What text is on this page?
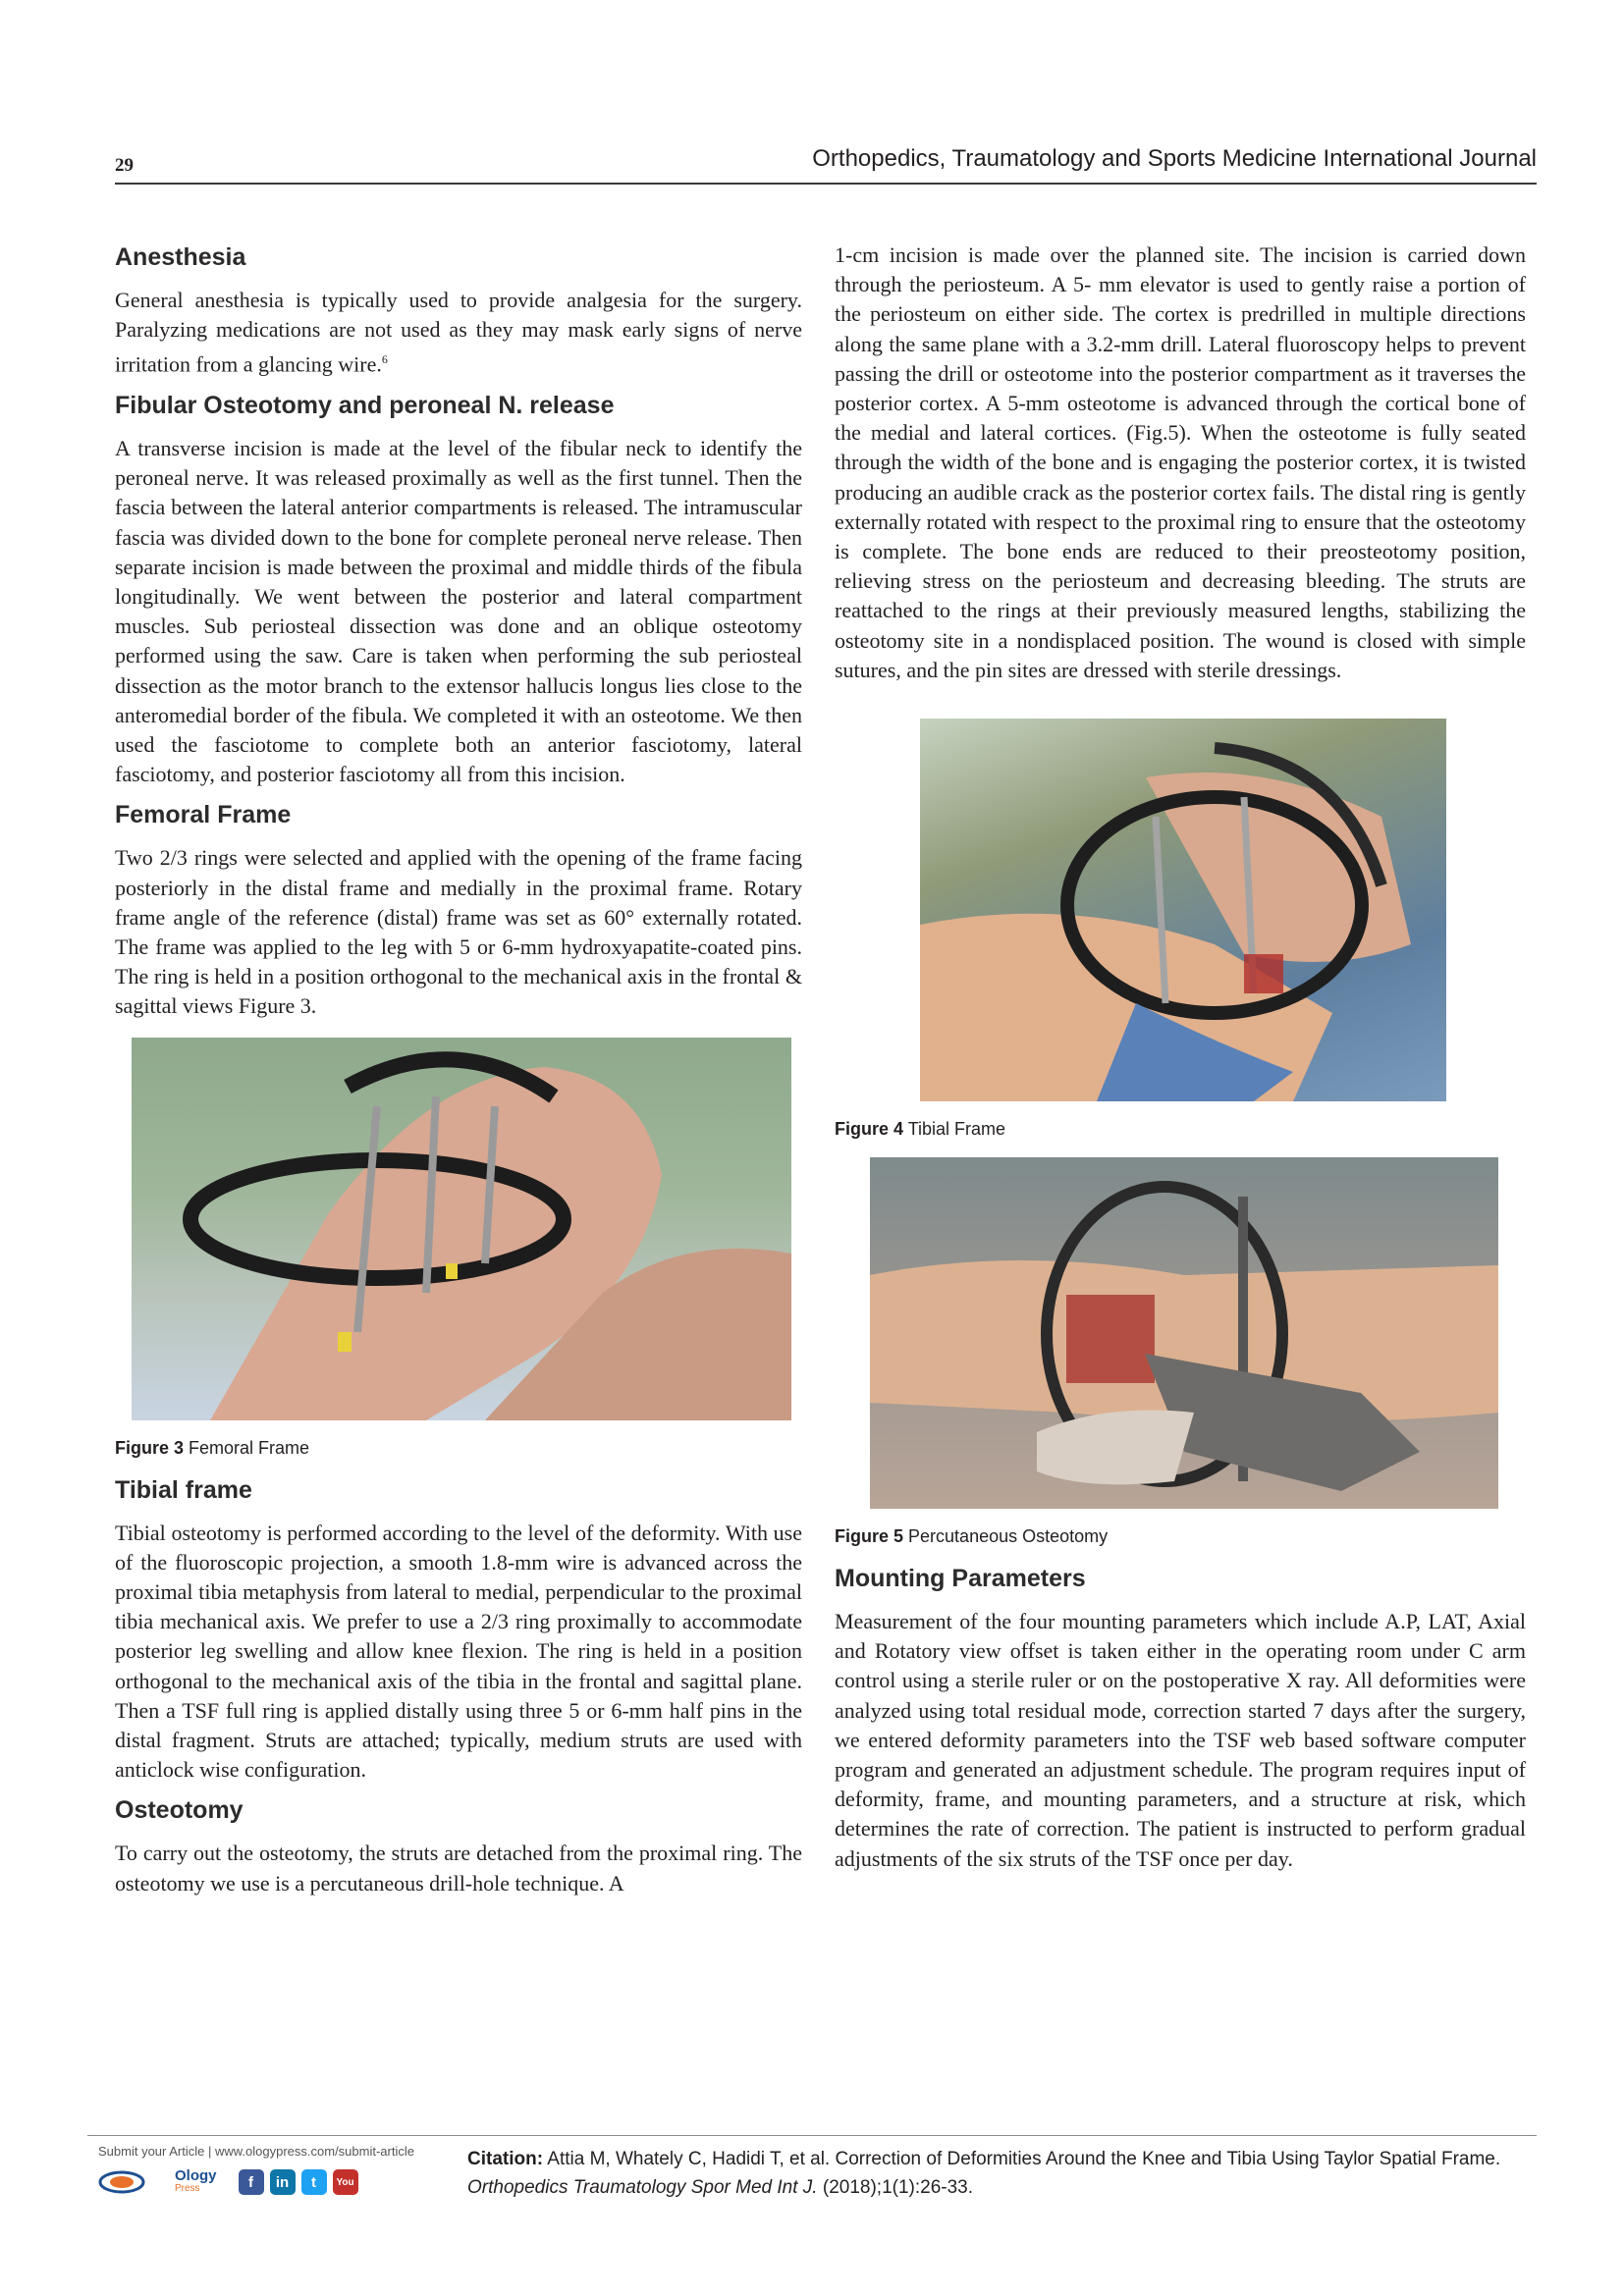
29	Orthopedics, Traumatology and Sports Medicine International Journal
Anesthesia

General anesthesia is typically used to provide analgesia for the surgery. Paralyzing medications are not used as they may mask early signs of nerve irritation from a glancing wire.$^6$

Fibular Osteotomy and peroneal N. release

A transverse incision is made at the level of the fibular neck to identify the peroneal nerve. It was released proximally as well as the first tunnel. Then the fascia between the lateral anterior compartments is released. The intramuscular fascia was divided down to the bone for complete peroneal nerve release. Then separate incision is made between the proximal and middle thirds of the fibula longitudinally. We went between the posterior and lateral compartment muscles. Sub periosteal dissection was done and an oblique osteotomy performed using the saw. Care is taken when performing the sub periosteal dissection as the motor branch to the extensor hallucis longus lies close to the anteromedial border of the fibula. We completed it with an osteotome. We then used the fasciotome to complete both an anterior fasciotomy, lateral fasciotomy, and posterior fasciotomy all from this incision.

Femoral Frame

Two 2/3 rings were selected and applied with the opening of the frame facing posteriorly in the distal frame and medially in the proximal frame. Rotary frame angle of the reference (distal) frame was set as 60° externally rotated. The frame was applied to the leg with 5 or 6-mm hydroxyapatite-coated pins. The ring is held in a position orthogonal to the mechanical axis in the frontal & sagittal views Figure 3.

Figure 3 Femoral Frame
Tibial frame

Tibial osteotomy is performed according to the level of the deformity. With use of the fluoroscopic projection, a smooth 1.8-mm wire is advanced across the proximal tibia metaphysis from lateral to medial, perpendicular to the proximal tibia mechanical axis. We prefer to use a 2/3 ring proximally to accommodate posterior leg swelling and allow knee flexion. The ring is held in a position orthogonal to the mechanical axis of the tibia in the frontal and sagittal plane. Then a TSF full ring is applied distally using three 5 or 6-mm half pins in the distal fragment. Struts are attached; typically, medium struts are used with anticlock wise configuration.

Osteotomy

To carry out the osteotomy, the struts are detached from the proximal ring. The osteotomy we use is a percutaneous drill-hole technique. A

1-cm incision is made over the planned site. The incision is carried down through the periosteum. A 5- mm elevator is used to gently raise a portion of the periosteum on either side. The cortex is predrilled in multiple directions along the same plane with a 3.2-mm drill. Lateral fluoroscopy helps to prevent passing the drill or osteotome into the posterior compartment as it traverses the posterior cortex. A 5-mm osteotome is advanced through the cortical bone of the medial and lateral cortices. (Fig.5). When the osteotome is fully seated through the width of the bone and is engaging the posterior cortex, it is twisted producing an audible crack as the posterior cortex fails. The distal ring is gently externally rotated with respect to the proximal ring to ensure that the osteotomy is complete. The bone ends are reduced to their preosteotomy position, relieving stress on the periosteum and decreasing bleeding. The struts are reattached to the rings at their previously measured lengths, stabilizing the osteotomy site in a nondisplaced position. The wound is closed with simple sutures, and the pin sites are dressed with sterile dressings.

Figure 4 Tibial Frame
Figure 5 Percutaneous Osteotomy
Mounting Parameters

Measurement of the four mounting parameters which include A.P, LAT, Axial and Rotatory view offset is taken either in the operating room under C arm control using a sterile ruler or on the postoperative X ray. All deformities were analyzed using total residual mode, correction started 7 days after the surgery, we entered deformity parameters into the TSF web based software computer program and generated an adjustment schedule. The program requires input of deformity, frame, and mounting parameters, and a structure at risk, which determines the rate of correction. The patient is instructed to perform gradual adjustments of the six struts of the TSF once per day.

Submit your Article | www.ologypress.com/submit-article
Ology
Press	f	in	t	You
Citation: Attia M, Whately C, Hadidi T, et al. Correction of Deformities Around the Knee and Tibia Using Taylor Spatial Frame. Orthopedics Traumatology Spor Med Int J. (2018);1(1):26-33.
